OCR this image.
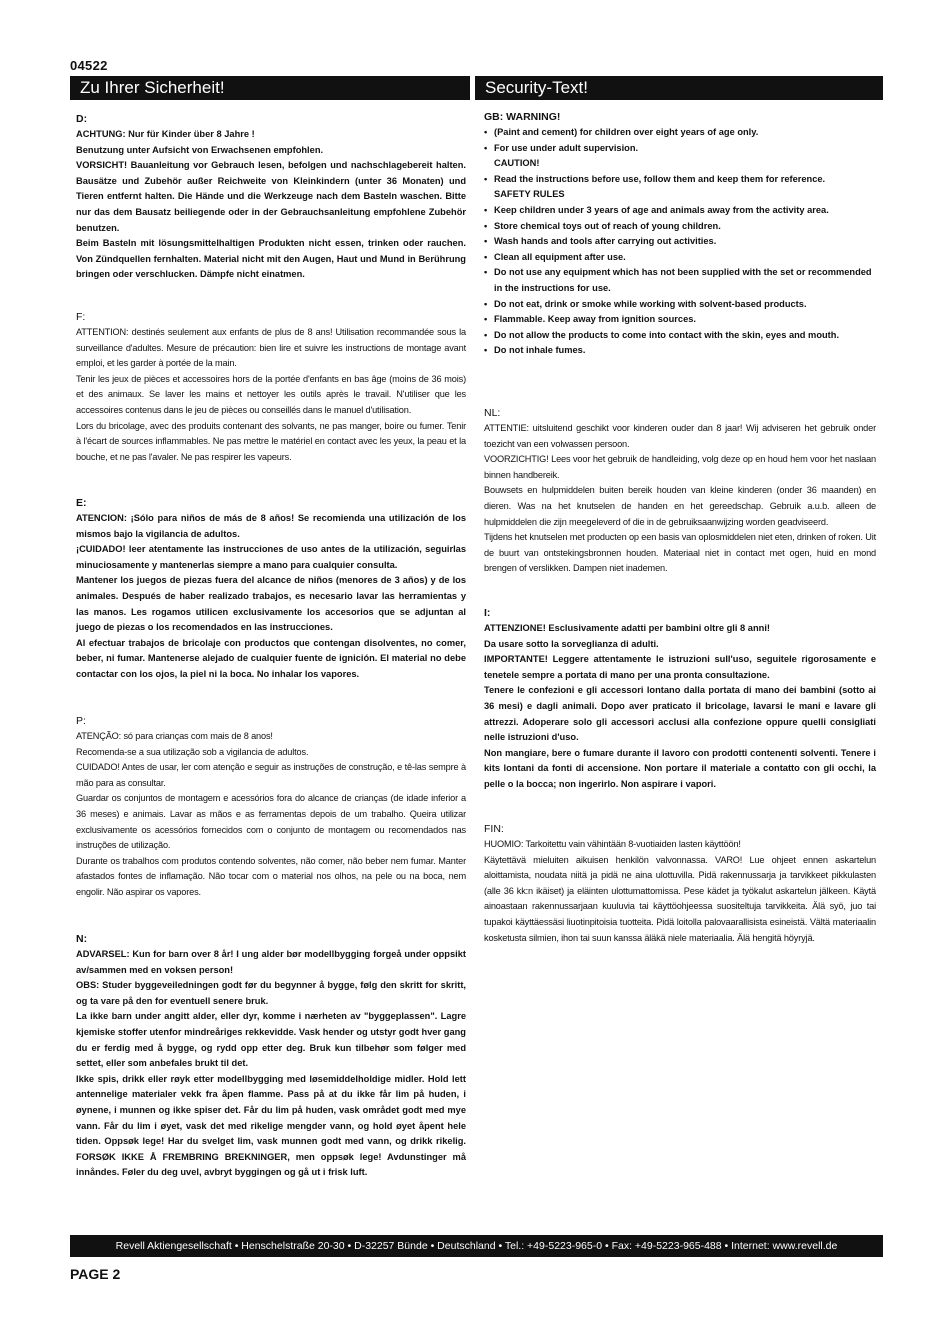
04522
Zu Ihrer Sicherheit!	Security-Text!
D:

ACHTUNG: Nur für Kinder über 8 Jahre !

Benutzung unter Aufsicht von Erwachsenen empfohlen.

VORSICHT! Bauanleitung vor Gebrauch lesen, befolgen und nachschlagebereit halten. Bausätze und Zubehör außer Reichweite von Kleinkindern (unter 36 Monaten) und Tieren entfernt halten. Die Hände und die Werkzeuge nach dem Basteln waschen. Bitte nur das dem Bausatz beiliegende oder in der Gebrauchsanleitung empfohlene Zubehör benutzen.

Beim Basteln mit lösungsmittelhaltigen Produkten nicht essen, trinken oder rauchen. Von Zündquellen fernhalten. Material nicht mit den Augen, Haut und Mund in Berührung bringen oder verschlucken. Dämpfe nicht einatmen.

F:

ATTENTION: destinés seulement aux enfants de plus de 8 ans! Utilisation recommandée sous la surveillance d'adultes. Mesure de précaution: bien lire et suivre les instructions de montage avant emploi, et les garder à portée de la main.

Tenir les jeux de pièces et accessoires hors de la portée d'enfants en bas âge (moins de 36 mois) et des animaux. Se laver les mains et nettoyer les outils après le travail. N'utiliser que les accessoires contenus dans le jeu de pièces ou conseillés dans le manuel d'utilisation.

Lors du bricolage, avec des produits contenant des solvants, ne pas manger, boire ou fumer. Tenir à l'écart de sources inflammables. Ne pas mettre le matériel en contact avec les yeux, la peau et la bouche, et ne pas l'avaler. Ne pas respirer les vapeurs.

E:

ATENCION: ¡Sólo para niños de más de 8 años! Se recomienda una utilización de los mismos bajo la vigilancia de adultos.

¡CUIDADO! leer atentamente las instrucciones de uso antes de la utilización, seguirlas minuciosamente y mantenerlas siempre a mano para cualquier consulta.

Mantener los juegos de piezas fuera del alcance de niños (menores de 3 años) y de los animales. Después de haber realizado trabajos, es necesario lavar las herramientas y las manos. Les rogamos utilicen exclusivamente los accesorios que se adjuntan al juego de piezas o los recomendados en las instrucciones.

Al efectuar trabajos de bricolaje con productos que contengan disolventes, no comer, beber, ni fumar. Mantenerse alejado de cualquier fuente de ignición. El material no debe contactar con los ojos, la piel ni la boca. No inhalar los vapores.

P:

ATENÇÃO: só para crianças com mais de 8 anos!

Recomenda-se a sua utilização sob a vigilancia de adultos.

CUIDADO! Antes de usar, ler com atenção e seguir as instruções de construção, e tê-las sempre à mão para as consultar.

Guardar os conjuntos de montagem e acessórios fora do alcance de crianças (de idade inferior a 36 meses) e animais. Lavar as mãos e as ferramentas depois de um trabalho. Queira utilizar exclusivamente os acessórios fornecidos com o conjunto de montagem ou recomendados nas instruções de utilização.

Durante os trabalhos com produtos contendo solventes, não comer, não beber nem fumar. Manter afastados fontes de inflamação. Não tocar com o material nos olhos, na pele ou na boca, nem engolir. Não aspirar os vapores.

N:

ADVARSEL: Kun for barn over 8 år! I ung alder bør modellbygging forgeå under oppsikt av/sammen med en voksen person!

OBS: Studer byggeveiledningen godt før du begynner å bygge, følg den skritt for skritt, og ta vare på den for eventuell senere bruk.

La ikke barn under angitt alder, eller dyr, komme i nærheten av "byggeplassen". Lagre kjemiske stoffer utenfor mindreåriges rekkevidde. Vask hender og utstyr godt hver gang du er ferdig med å bygge, og rydd opp etter deg. Bruk kun tilbehør som følger med settet, eller som anbefales brukt til det.

Ikke spis, drikk eller røyk etter modellbygging med løsemiddelholdige midler. Hold lett antennelige materialer vekk fra åpen flamme. Pass på at du ikke får lim på huden, i øynene, i munnen og ikke spiser det. Får du lim på huden, vask området godt med mye vann. Får du lim i øyet, vask det med rikelige mengder vann, og hold øyet åpent hele tiden. Oppsøk lege! Har du svelget lim, vask munnen godt med vann, og drikk rikelig. FORSØK IKKE Å FREMBRING BREKNINGER, men oppsøk lege! Avdunstinger må innåndes. Føler du deg uvel, avbryt byggingen og gå ut i frisk luft.

GB: WARNING!
• (Paint and cement) for children over eight years of age only.
• For use under adult supervision.
CAUTION!
• Read the instructions before use, follow them and keep them for reference.
SAFETY RULES
• Keep children under 3 years of age and animals away from the activity area.
• Store chemical toys out of reach of young children.
• Wash hands and tools after carrying out activities.
• Clean all equipment after use.
• Do not use any equipment which has not been supplied with the set or recommended in the instructions for use.
• Do not eat, drink or smoke while working with solvent-based products.
• Flammable. Keep away from ignition sources.
• Do not allow the products to come into contact with the skin, eyes and mouth.
• Do not inhale fumes.
NL:

ATTENTIE: uitsluitend geschikt voor kinderen ouder dan 8 jaar! Wij adviseren het gebruik onder toezicht van een volwassen persoon.

VOORZICHTIG! Lees voor het gebruik de handleiding, volg deze op en houd hem voor het naslaan binnen handbereik.

Bouwsets en hulpmiddelen buiten bereik houden van kleine kinderen (onder 36 maanden) en dieren. Was na het knutselen de handen en het gereedschap. Gebruik a.u.b. alleen de hulpmiddelen die zijn meegeleverd of die in de gebruiksaanwijzing worden geadviseerd.

Tijdens het knutselen met producten op een basis van oplosmiddelen niet eten, drinken of roken. Uit de buurt van ontstekingsbronnen houden. Materiaal niet in contact met ogen, huid en mond brengen of verslikken. Dampen niet inademen.

I:

ATTENZIONE! Esclusivamente adatti per bambini oltre gli 8 anni!

Da usare sotto la sorveglianza di adulti.

IMPORTANTE! Leggere attentamente le istruzioni sull'uso, seguitele rigorosamente e tenetele sempre a portata di mano per una pronta consultazione.

Tenere le confezioni e gli accessori lontano dalla portata di mano dei bambini (sotto ai 36 mesi) e dagli animali. Dopo aver praticato il bricolage, lavarsi le mani e lavare gli attrezzi. Adoperare solo gli accessori acclusi alla confezione oppure quelli consigliati nelle istruzioni d'uso.

Non mangiare, bere o fumare durante il lavoro con prodotti contenenti solventi. Tenere i kits lontani da fonti di accensione. Non portare il materiale a contatto con gli occhi, la pelle o la bocca; non ingerirlo. Non aspirare i vapori.

FIN:

HUOMIO: Tarkoitettu vain vähintään 8-vuotiaiden lasten käyttöön!

Käytettävä mieluiten aikuisen henkilön valvonnassa. VARO! Lue ohjeet ennen askartelun aloittamista, noudata niitä ja pidä ne aina ulottuvilla. Pidä rakennussarja ja tarvikkeet pikkulasten (alle 36 kk:n ikäiset) ja eläinten ulottumattomissa. Pese kädet ja työkalut askartelun jälkeen. Käytä ainoastaan rakennussarjaan kuuluvia tai käyttöohjeessa suositeltuja tarvikkeita. Älä syö, juo tai tupakoi käyttäessäsi liuotinpitoisia tuotteita. Pidä loitolla palovaarallisista esineistä. Vältä materiaalin kosketusta silmien, ihon tai suun kanssa äläkä niele materiaalia. Älä hengitä höyryjä.

Revell Aktiengesellschaft • Henschelstraße 20-30 • D-32257 Bünde • Deutschland • Tel.: +49-5223-965-0 • Fax: +49-5223-965-488 • Internet: www.revell.de
PAGE 2
